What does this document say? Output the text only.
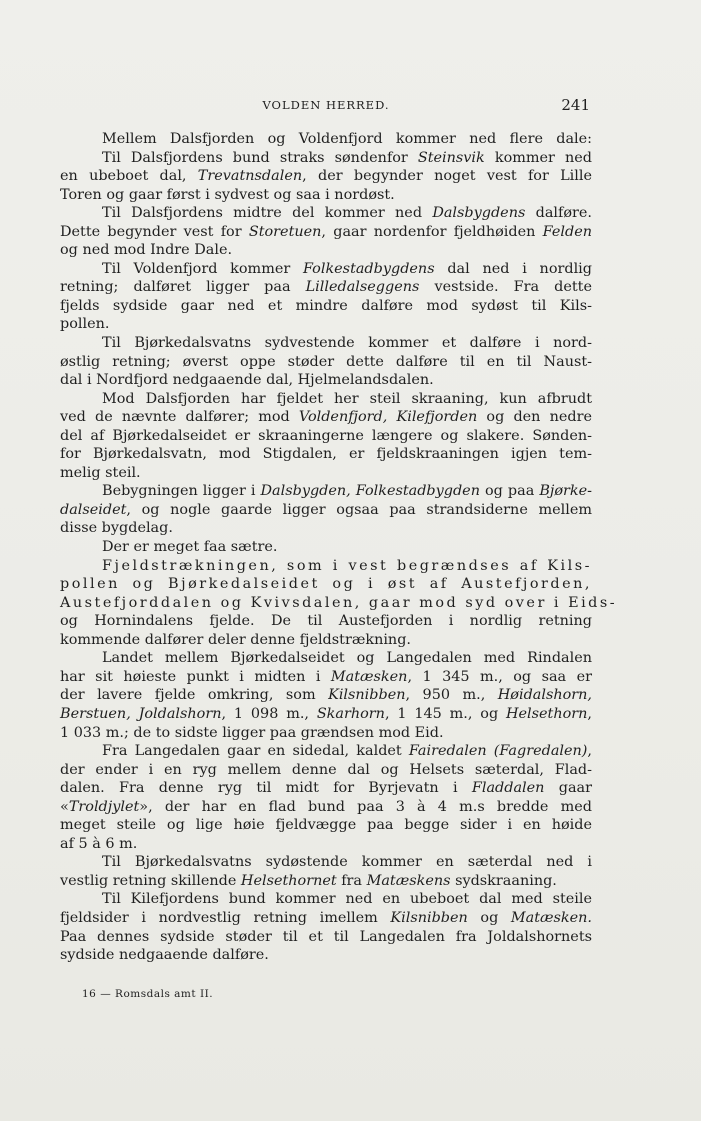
VOLDEN HERRED.	241
Mellem Dalsfjorden og Voldenfjord kommer ned flere dale:
Til Dalsfjordens bund straks søndenfor Steinsvik kommer ned
en ubeboet dal, Trevatnsdalen, der begynder noget vest for Lille
Toren og gaar først i sydvest og saa i nordøst.
Til Dalsfjordens midtre del kommer ned Dalsbygdens dalføre.
Dette begynder vest for Storetuen, gaar nordenfor fjeldhøiden Felden
og ned mod Indre Dale.
Til Voldenfjord kommer Folkestadbygdens dal ned i nordlig
retning; dalføret ligger paa Lilledalseggens vestside. Fra dette
fjelds sydside gaar ned et mindre dalføre mod sydøst til Kils-
pollen.
Til Bjørkedalsvatns sydvestende kommer et dalføre i nord-
østlig retning; øverst oppe støder dette dalføre til en til Naust-
dal i Nordfjord nedgaaende dal, Hjelmelandsdalen.
Mod Dalsfjorden har fjeldet her steil skraaning, kun afbrudt
ved de nævnte dalfører; mod Voldenfjord, Kilefjorden og den nedre
del af Bjørkedalseidet er skraaningerne længere og slakere. Sønden-
for Bjørkedalsvatn, mod Stigdalen, er fjeldskraaningen igjen tem-
melig steil.
Bebygningen ligger i Dalsbygden, Folkestadbygden og paa Bjørke-
dalseidet, og nogle gaarde ligger ogsaa paa strandsiderne mellem
disse bygdelag.
Der er meget faa sætre.
Fjeldstrækningen, som i vest begrændses af Kils-
pollen og Bjørkedalseidet og i øst af Austefjorden,
Austefjorddalen og Kvivsdalen, gaar mod syd over i Eids-
og Hornindalens fjelde. De til Austefjorden i nordlig retning
kommende dalfører deler denne fjeldstrækning.
Landet mellem Bjørkedalseidet og Langedalen med Rindalen
har sit høieste punkt i midten i Matæsken, 1 345 m., og saa er
der lavere fjelde omkring, som Kilsnibben, 950 m., Høidalshorn,
Berstuen, Joldalshorn, 1 098 m., Skarhorn, 1 145 m., og Helsethorn,
1 033 m.; de to sidste ligger paa grændsen mod Eid.
Fra Langedalen gaar en sidedal, kaldet Fairedalen (Fagredalen),
der ender i en ryg mellem denne dal og Helsets sæterdal, Flad-
dalen. Fra denne ryg til midt for Byrjevatn i Fladdalen gaar
«Troldjylet», der har en flad bund paa 3 à 4 m.s bredde med
meget steile og lige høie fjeldvægge paa begge sider i en høide
af 5 à 6 m.
Til Bjørkedalsvatns sydøstende kommer en sæterdal ned i
vestlig retning skillende Helsethornet fra Matæskens sydskraaning.
Til Kilefjordens bund kommer ned en ubeboet dal med steile
fjeldsider i nordvestlig retning imellem Kilsnibben og Matæsken.
Paa dennes sydside støder til et til Langedalen fra Joldalshornets
sydside nedgaaende dalføre.
16 — Romsdals amt II.
